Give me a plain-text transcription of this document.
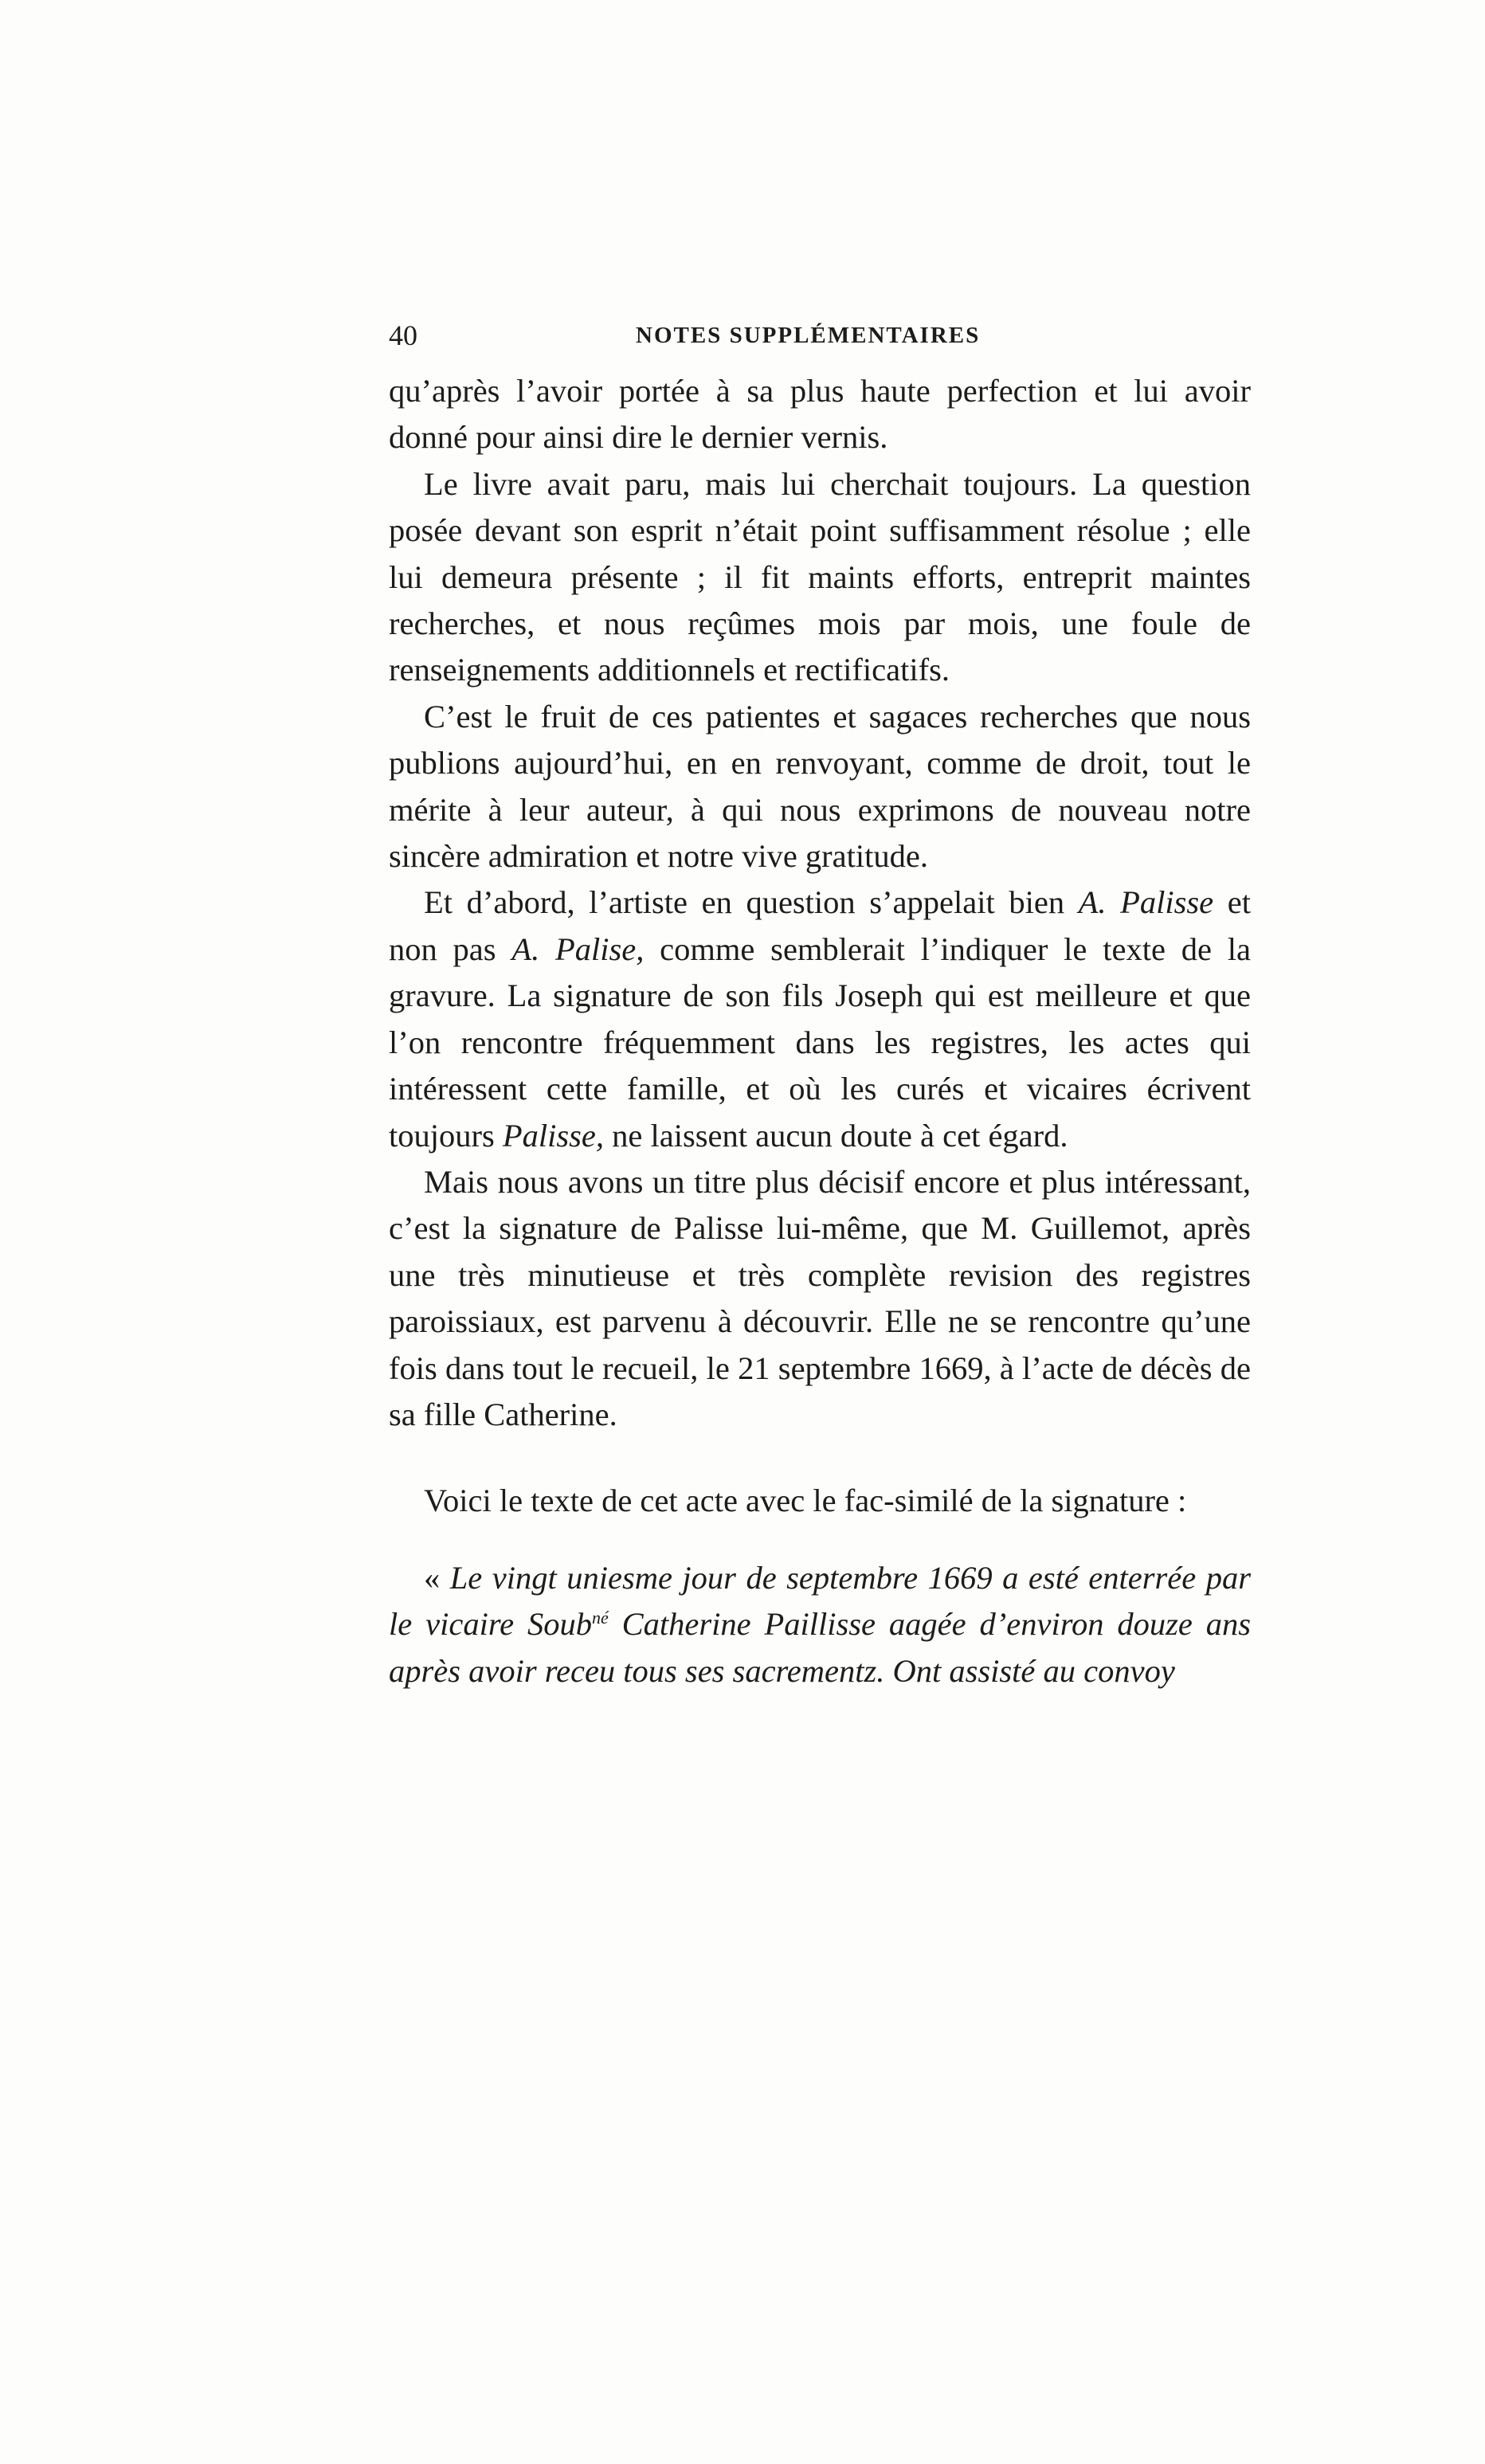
40	NOTES SUPPLÉMENTAIRES

qu’après l’avoir portée à sa plus haute perfection et lui avoir donné pour ainsi dire le dernier vernis.

Le livre avait paru, mais lui cherchait toujours. La question posée devant son esprit n’était point suffisamment résolue ; elle lui demeura présente ; il fit maints efforts, entreprit maintes recherches, et nous reçûmes mois par mois, une foule de renseignements additionnels et rectificatifs.

C’est le fruit de ces patientes et sagaces recherches que nous publions aujourd’hui, en en renvoyant, comme de droit, tout le mérite à leur auteur, à qui nous exprimons de nouveau notre sincère admiration et notre vive gratitude.

Et d’abord, l’artiste en question s’appelait bien A. Palisse et non pas A. Palise, comme semblerait l’indiquer le texte de la gravure. La signature de son fils Joseph qui est meilleure et que l’on rencontre fréquemment dans les registres, les actes qui intéressent cette famille, et où les curés et vicaires écrivent toujours Palisse, ne laissent aucun doute à cet égard.

Mais nous avons un titre plus décisif encore et plus intéressant, c’est la signature de Palisse lui-même, que M. Guillemot, après une très minutieuse et très complète revision des registres paroissiaux, est parvenu à découvrir. Elle ne se rencontre qu’une fois dans tout le recueil, le 21 septembre 1669, à l’acte de décès de sa fille Catherine.

Voici le texte de cet acte avec le fac-similé de la signature :

« Le vingt uniesme jour de septembre 1669 a esté enterrée par le vicaire Soub$^{né}$ Catherine Paillisse aagée d’environ douze ans après avoir receu tous ses sacrementz. Ont assisté au convoy
